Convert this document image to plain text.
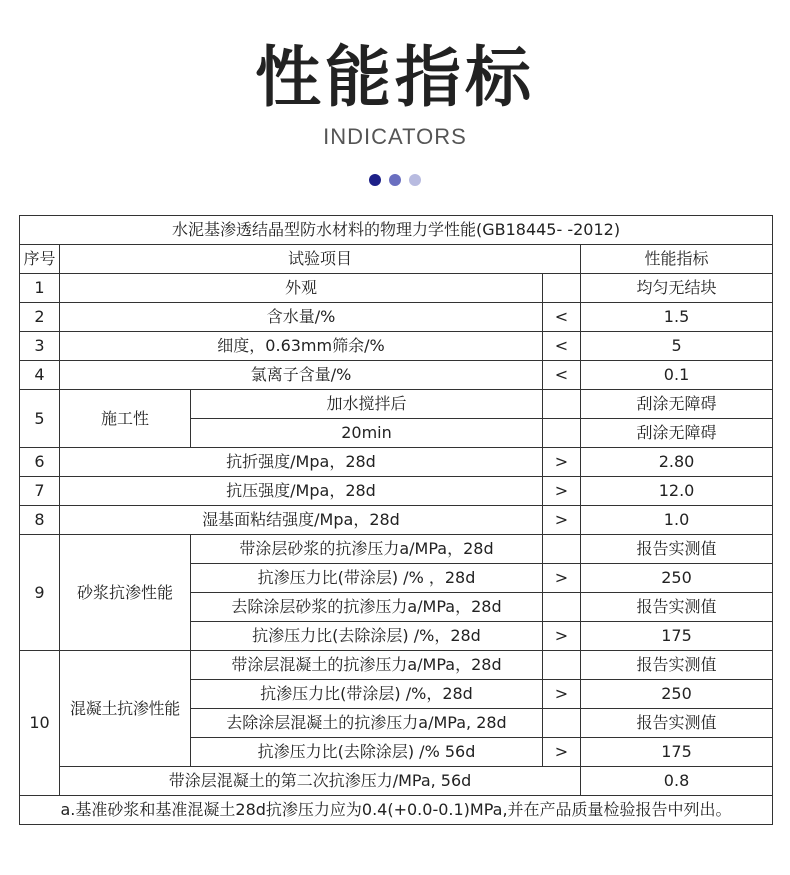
性能指标
INDICATORS
水泥基渗透结晶型防水材料的物理力学性能(GB18445- -2012)				
序号	试验项目			性能指标
1	外观			均匀无结块
2	含水量/%		<	1.5
3	细度，0.63mm筛余/%		<	5
4	氯离子含量/%		<	0.1
5	施工性	加水搅拌后		刮涂无障碍
		20min		刮涂无障碍
6	抗折强度/Mpa，28d		>	2.80
7	抗压强度/Mpa，28d		>	12.0
8	湿基面粘结强度/Mpa，28d		>	1.0
9	砂浆抗渗性能	带涂层砂浆的抗渗压力a/MPa，28d		报告实测值
		抗渗压力比(带涂层) /% ，28d	>	250
		去除涂层砂浆的抗渗压力a/MPa，28d		报告实测值
		抗渗压力比(去除涂层) /%，28d	>	175
10	混凝土抗渗性能	带涂层混凝土的抗渗压力a/MPa，28d		报告实测值
		抗渗压力比(带涂层) /%，28d	>	250
		去除涂层混凝土的抗渗压力a/MPa, 28d		报告实测值
		抗渗压力比(去除涂层) /% 56d	>	175
	带涂层混凝土的第二次抗渗压力/MPa, 56d			0.8
a.基准砂浆和基准混凝土28d抗渗压力应为0.4(+0.0-0.1)MPa,并在产品质量检验报告中列出。				
